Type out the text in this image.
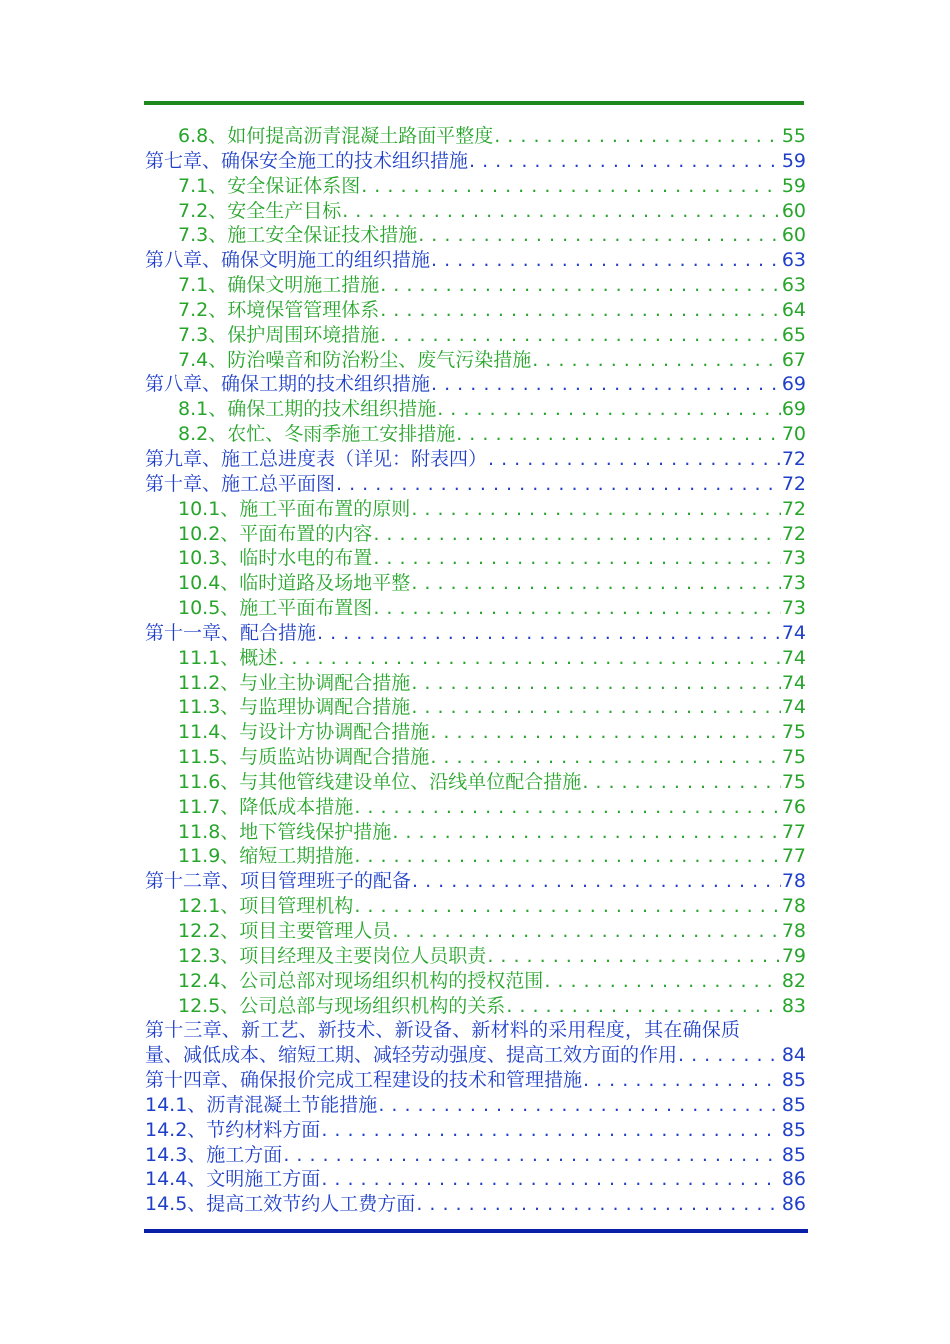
6.8、如何提高沥青混凝土路面平整度 . . .	55
第七章、确保安全施工的技术组织措施 . . .	59
7.1、安全保证体系图 . . .	59
7.2、安全生产目标 . . .	60
7.3、施工安全保证技术措施 . . .	60
第八章、确保文明施工的组织措施 . . .	63
7.1、确保文明施工措施 . . .	63
7.2、环境保管管理体系 . . .	64
7.3、保护周围环境措施 . . .	65
7.4、防治噪音和防治粉尘、废气污染措施 . . .	67
第八章、确保工期的技术组织措施 . . .	69
8.1、确保工期的技术组织措施 . . .	69
8.2、农忙、冬雨季施工安排措施 . . .	70
第九章、施工总进度表（详见：附表四） . . .	72
第十章、施工总平面图 . . .	72
10.1、施工平面布置的原则 . . .	72
10.2、平面布置的内容 . . .	72
10.3、临时水电的布置 . . .	73
10.4、临时道路及场地平整 . . .	73
10.5、施工平面布置图 . . .	73
第十一章、配合措施 . . .	74
11.1、概述 . . .	74
11.2、与业主协调配合措施 . . .	74
11.3、与监理协调配合措施 . . .	74
11.4、与设计方协调配合措施 . . .	75
11.5、与质监站协调配合措施 . . .	75
11.6、与其他管线建设单位、沿线单位配合措施 . . .	75
11.7、降低成本措施 . . .	76
11.8、地下管线保护措施 . . .	77
11.9、缩短工期措施 . . .	77
第十二章、项目管理班子的配备 . . .	78
12.1、项目管理机构 . . .	78
12.2、项目主要管理人员 . . .	78
12.3、项目经理及主要岗位人员职责 . . .	79
12.4、公司总部对现场组织机构的授权范围 . . .	82
12.5、公司总部与现场组织机构的关系 . . .	83
第十三章、新工艺、新技术、新设备、新材料的采用程度，其在确保质
量、减低成本、缩短工期、减轻劳动强度、提高工效方面的作用 . . .	84
第十四章、确保报价完成工程建设的技术和管理措施 . . .	85
14.1、沥青混凝土节能措施 . . .	85
14.2、节约材料方面 . . .	85
14.3、施工方面 . . .	85
14.4、文明施工方面 . . .	86
14.5、提高工效节约人工费方面 . . .	86
